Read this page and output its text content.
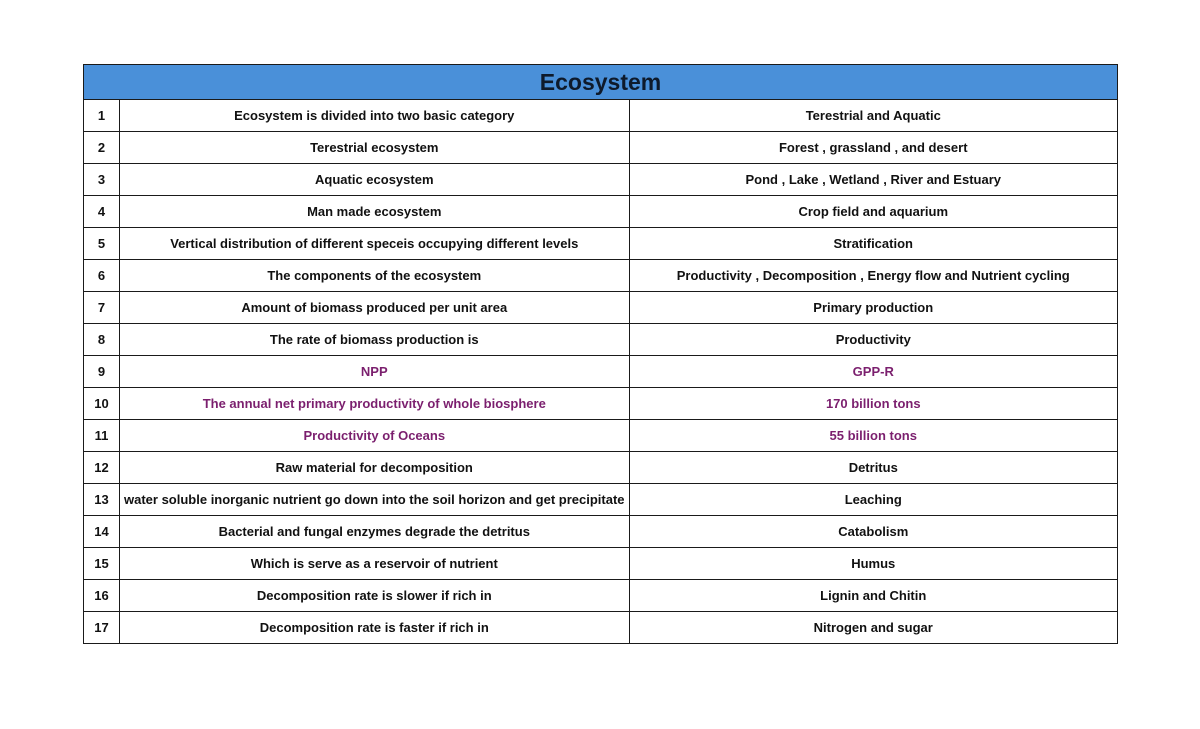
Ecosystem		
1	Ecosystem is divided into two basic category	Terestrial and Aquatic
2	Terestrial ecosystem	Forest , grassland , and desert
3	Aquatic ecosystem	Pond , Lake , Wetland , River and Estuary
4	Man made ecosystem	Crop field and aquarium
5	Vertical distribution of different speceis occupying different levels	Stratification
6	The components of the ecosystem	Productivity , Decomposition , Energy flow and Nutrient cycling
7	Amount of biomass produced per unit area	Primary production
8	The rate of biomass production is	Productivity
9	NPP	GPP-R
10	The annual net primary productivity of whole biosphere	170 billion tons
11	Productivity of Oceans	55 billion tons
12	Raw material for decomposition	Detritus
13	water soluble inorganic nutrient go down into the soil horizon and get precipitate	Leaching
14	Bacterial and fungal enzymes degrade the detritus	Catabolism
15	Which is serve as a reservoir of nutrient	Humus
16	Decomposition rate is slower if rich in	Lignin and Chitin
17	Decomposition rate is faster if rich in	Nitrogen and sugar
